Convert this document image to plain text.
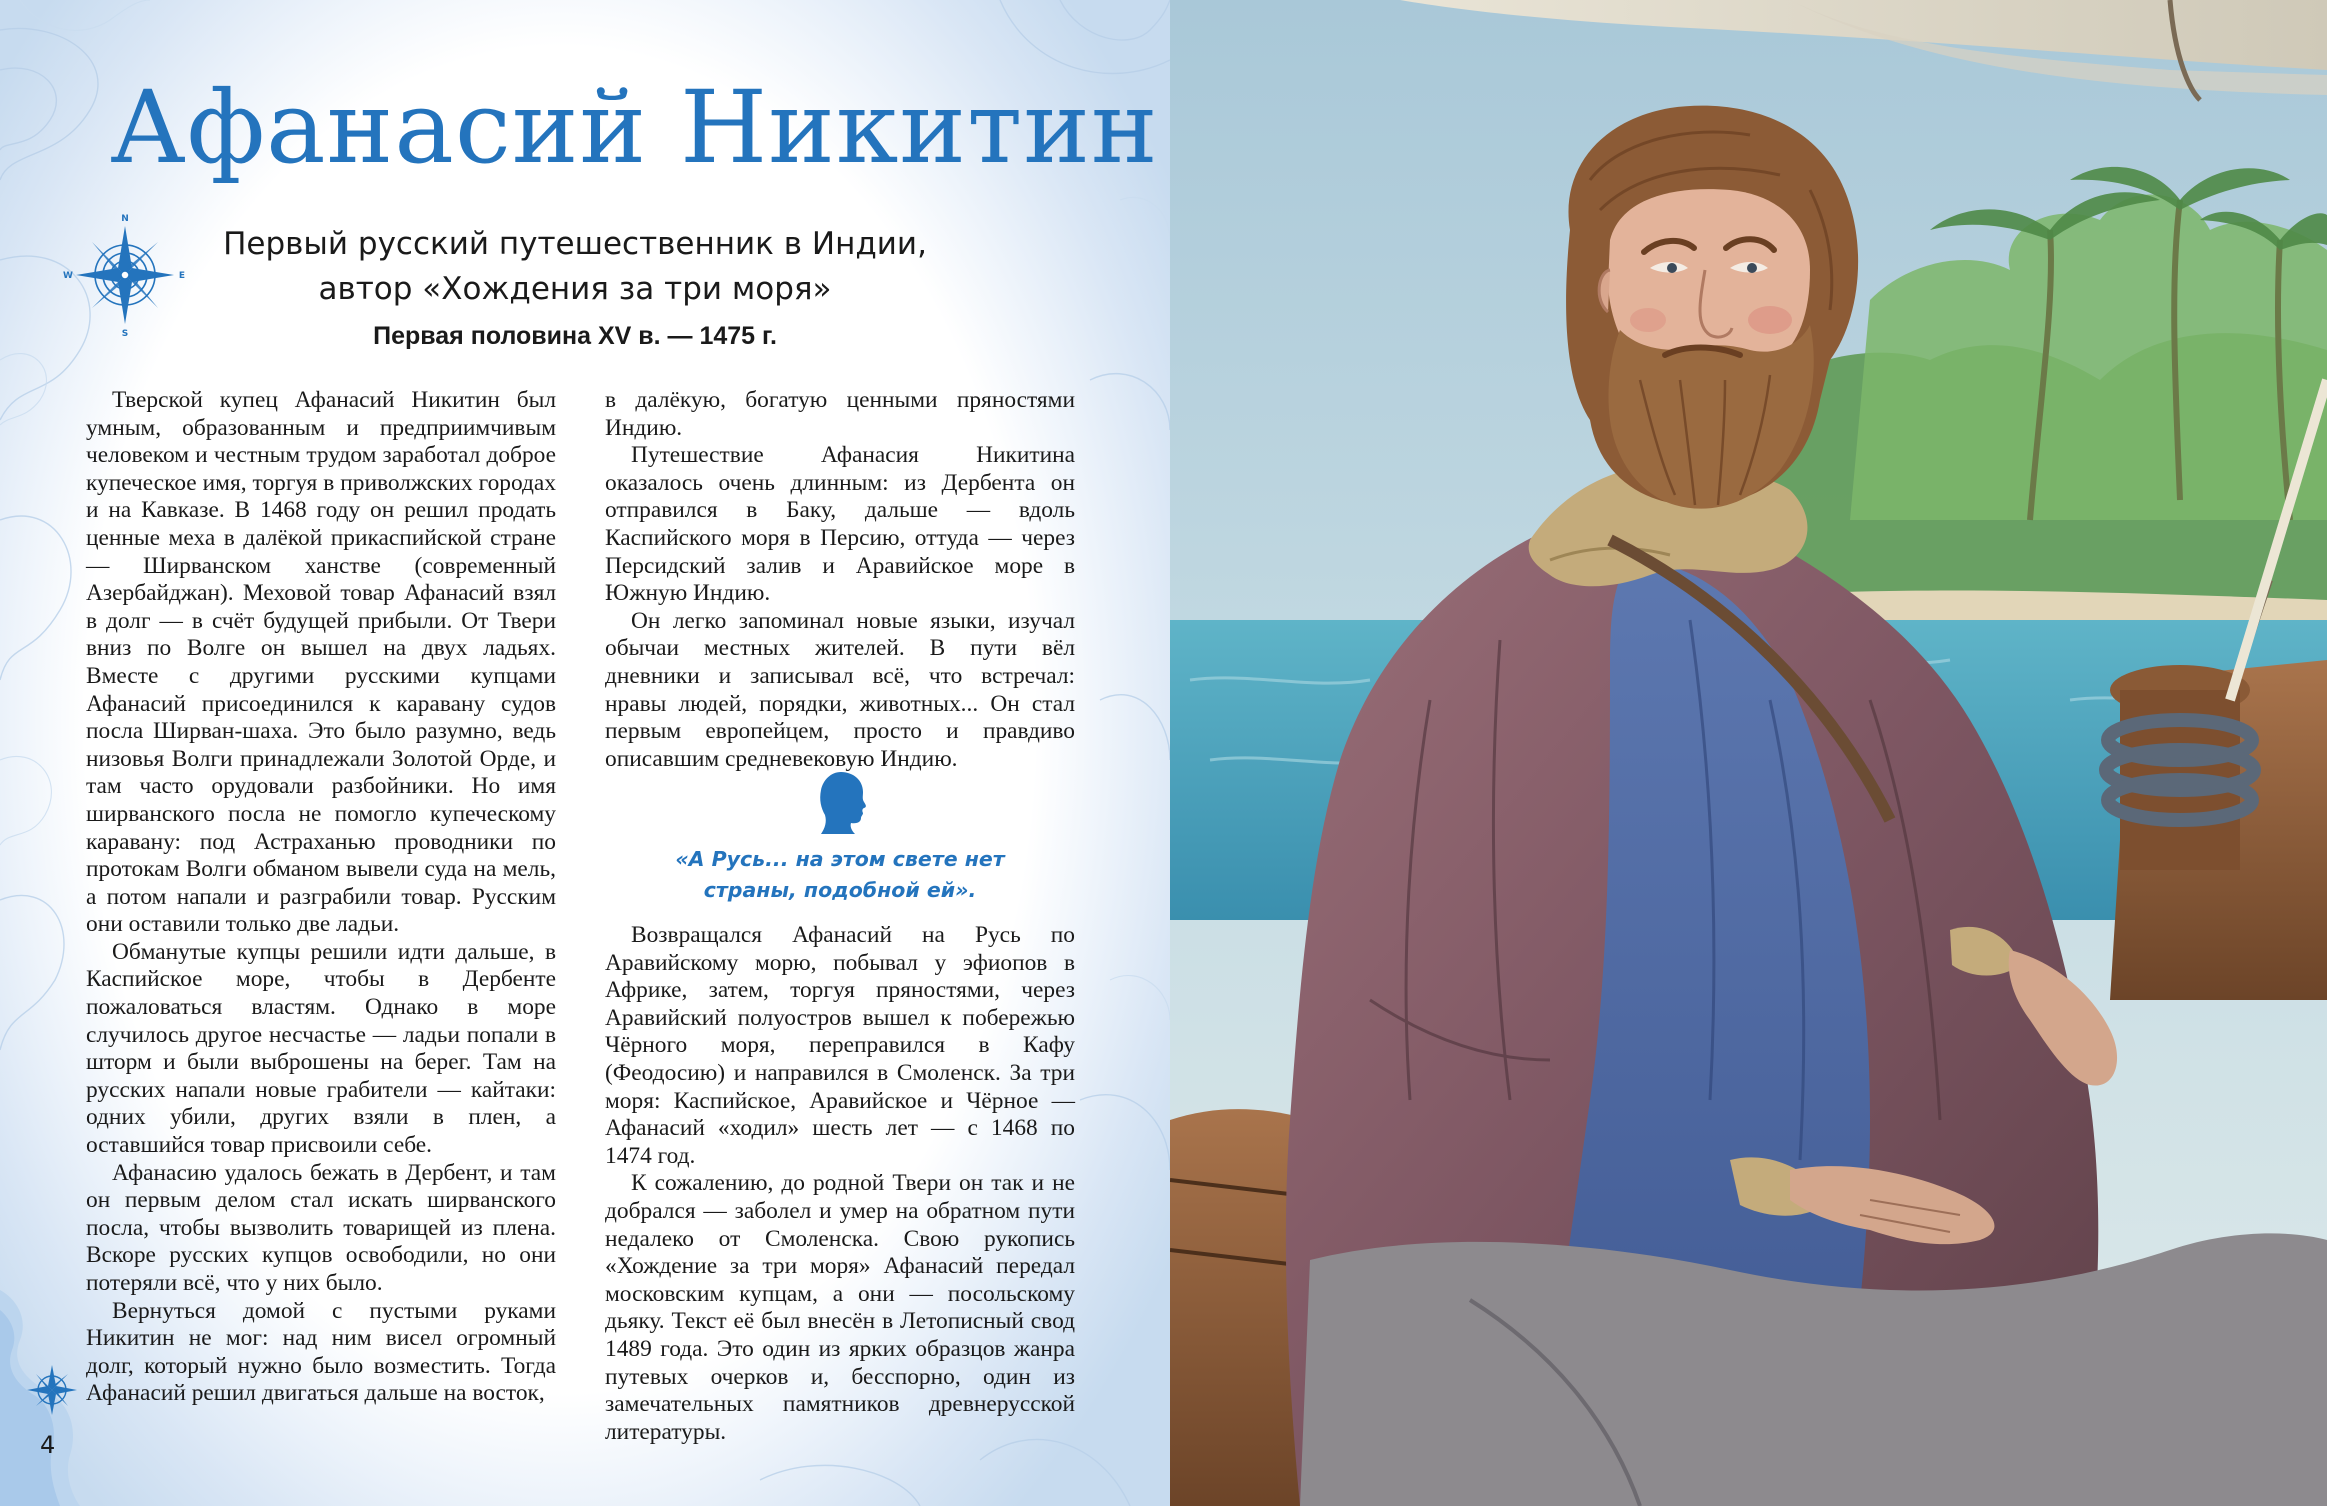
Афанасий Никитин
N
S
W	E
Первый русский путешественник в Индии,
автор «Хождения за три моря»
Первая половина XV в. — 1475 г.

Тверской купец Афанасий Никитин был умным, образованным и предприимчивым человеком и честным трудом заработал доброе купеческое имя, торгуя в приволжских городах и на Кавказе. В 1468 году он решил продать ценные меха в далёкой прикаспийской стране — Ширванском ханстве (современный Азербайджан). Меховой товар Афанасий взял в долг — в счёт будущей прибыли. От Твери вниз по Волге он вышел на двух ладьях. Вместе с другими русскими купцами Афанасий присоединился к каравану судов посла Ширван-шаха. Это было разумно, ведь низовья Волги принадлежали Золотой Орде, и там часто орудовали разбойники. Но имя ширванского посла не помогло купеческому каравану: под Астраханью проводники по протокам Волги обманом вывели суда на мель, а потом напали и разграбили товар. Русским они оставили только две ладьи.

Обманутые купцы решили идти дальше, в Каспийское море, чтобы в Дербенте пожаловаться властям. Однако в море случилось другое несчастье — ладьи попали в шторм и были выброшены на берег. Там на русских напали новые грабители — кайтаки: одних убили, других взяли в плен, а оставшийся товар присвоили себе.

Афанасию удалось бежать в Дербент, и там он первым делом стал искать ширванского посла, чтобы вызволить товарищей из плена. Вскоре русских купцов освободили, но они потеряли всё, что у них было.

Вернуться домой с пустыми руками Никитин не мог: над ним висел огромный долг, который нужно было возместить. Тогда Афанасий решил двигаться дальше на восток,

в далёкую, богатую ценными пряностями Индию.

Путешествие Афанасия Никитина оказалось очень длинным: из Дербента он отправился в Баку, дальше — вдоль Каспийского моря в Персию, оттуда — через Персидский залив и Аравийское море в Южную Индию.

Он легко запоминал новые языки, изучал обычаи местных жителей. В пути вёл дневники и записывал всё, что встречал: нравы людей, порядки, животных... Он стал первым европейцем, просто и правдиво описавшим средневековую Индию.

«А Русь... на этом свете нет
страны, подобной ей».

Возвращался Афанасий на Русь по Аравийскому морю, побывал у эфиопов в Африке, затем, торгуя пряностями, через Аравийский полуостров вышел к побережью Чёрного моря, переправился в Кафу (Феодосию) и направился в Смоленск. За три моря: Каспийское, Аравийское и Чёрное — Афанасий «ходил» шесть лет — с 1468 по 1474 год.

К сожалению, до родной Твери он так и не добрался — заболел и умер на обратном пути недалеко от Смоленска. Свою рукопись «Хождение за три моря» Афанасий передал московским купцам, а они — посольскому дьяку. Текст её был внесён в Летописный свод 1489 года. Это один из ярких образцов жанра путевых очерков и, бесспорно, один из замечательных памятников древнерусской литературы.

4
